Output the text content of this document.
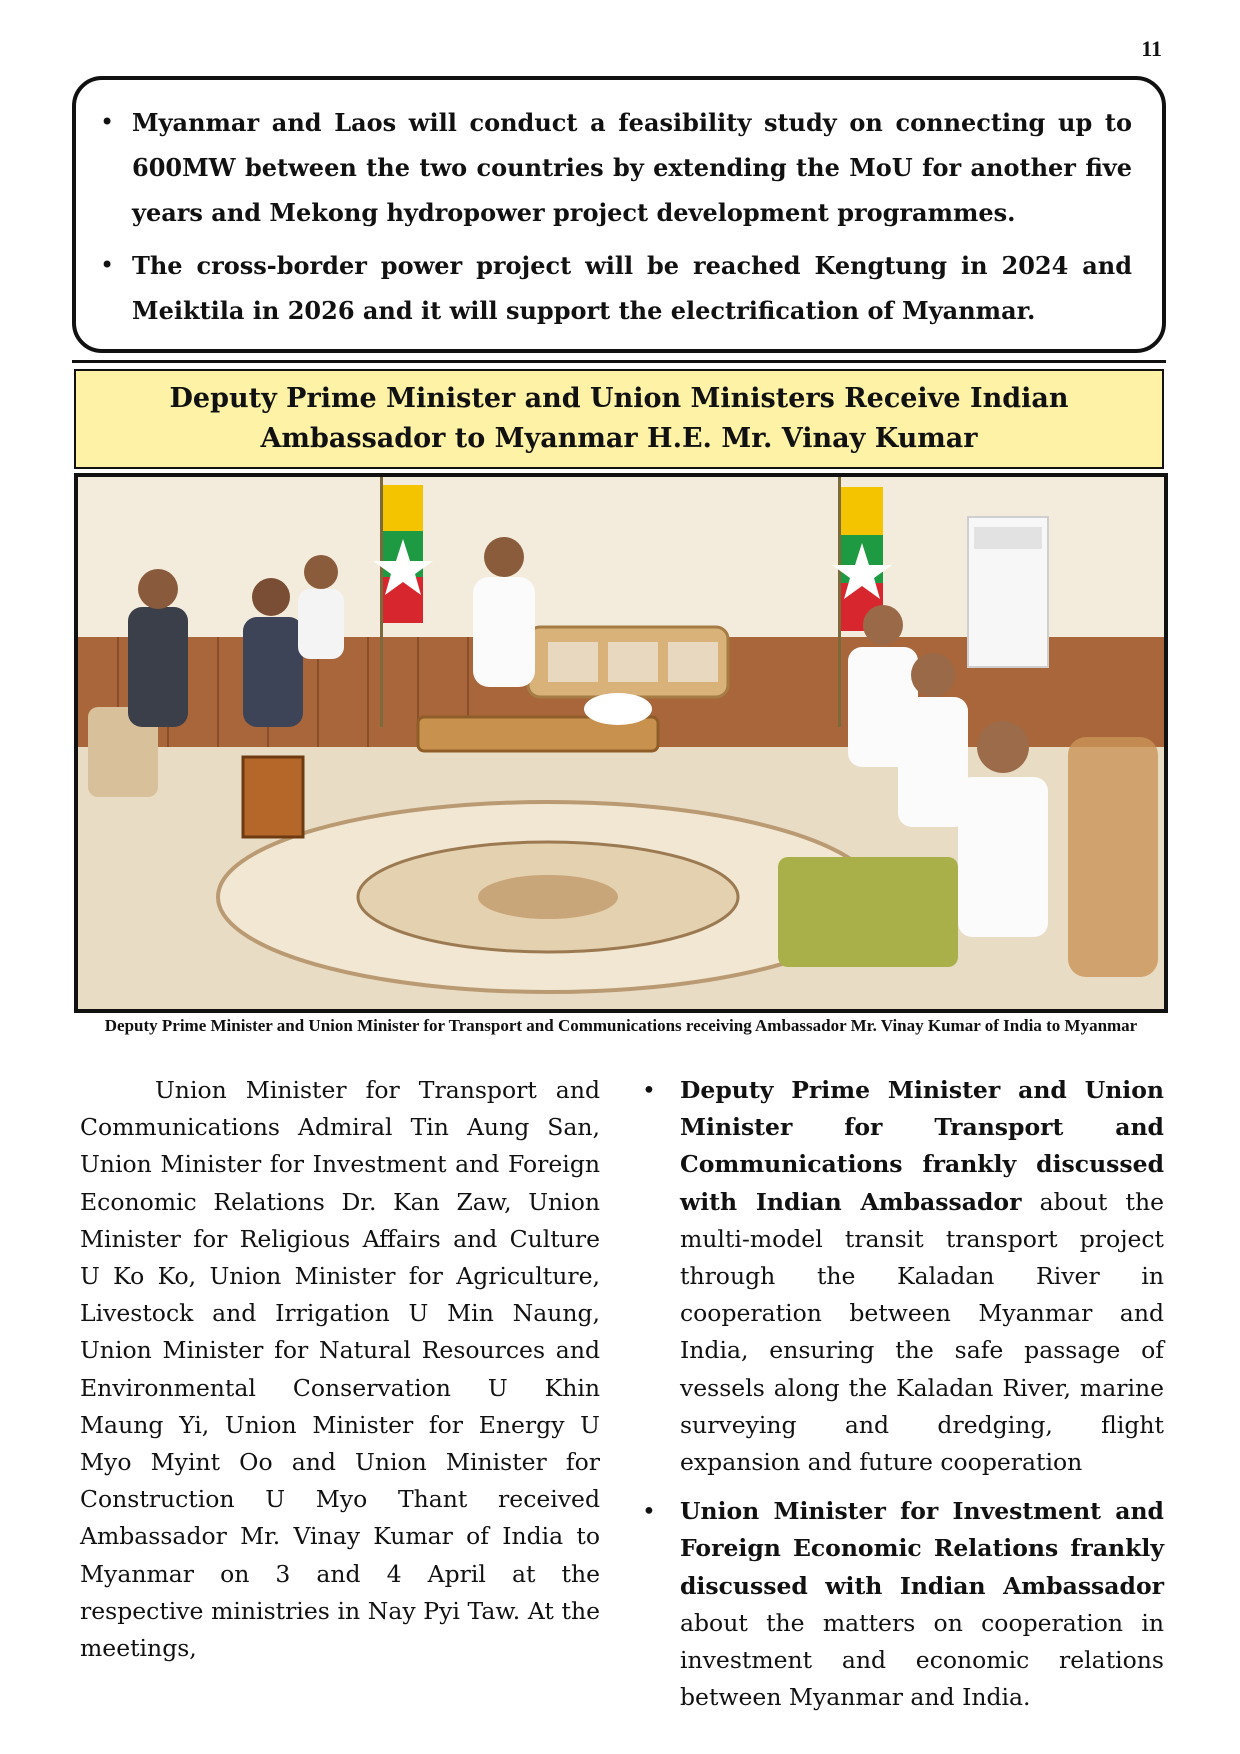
11
• Myanmar and Laos will conduct a feasibility study on connecting up to 600MW between the two countries by extending the MoU for another five years and Mekong hydropower project development programmes.
• The cross-border power project will be reached Kengtung in 2024 and Meiktila in 2026 and it will support the electrification of Myanmar.
Deputy Prime Minister and Union Ministers Receive Indian Ambassador to Myanmar H.E. Mr. Vinay Kumar
Deputy Prime Minister and Union Minister for Transport and Communications receiving Ambassador Mr. Vinay Kumar of India to Myanmar
Union Minister for Transport and Communications Admiral Tin Aung San, Union Minister for Investment and Foreign Economic Relations Dr. Kan Zaw, Union Minister for Religious Affairs and Culture U Ko Ko, Union Minister for Agriculture, Livestock and Irrigation U Min Naung, Union Minister for Natural Resources and Environmental Conservation U Khin Maung Yi, Union Minister for Energy U Myo Myint Oo and Union Minister for Construction U Myo Thant received Ambassador Mr. Vinay Kumar of India to Myanmar on 3 and 4 April at the respective ministries in Nay Pyi Taw. At the meetings,
• Deputy Prime Minister and Union Minister for Transport and Communications frankly discussed with Indian Ambassador about the multi-model transit transport project through the Kaladan River in cooperation between Myanmar and India, ensuring the safe passage of vessels along the Kaladan River, marine surveying and dredging, flight expansion and future cooperation
• Union Minister for Investment and Foreign Economic Relations frankly discussed with Indian Ambassador about the matters on cooperation in investment and economic relations between Myanmar and India.
